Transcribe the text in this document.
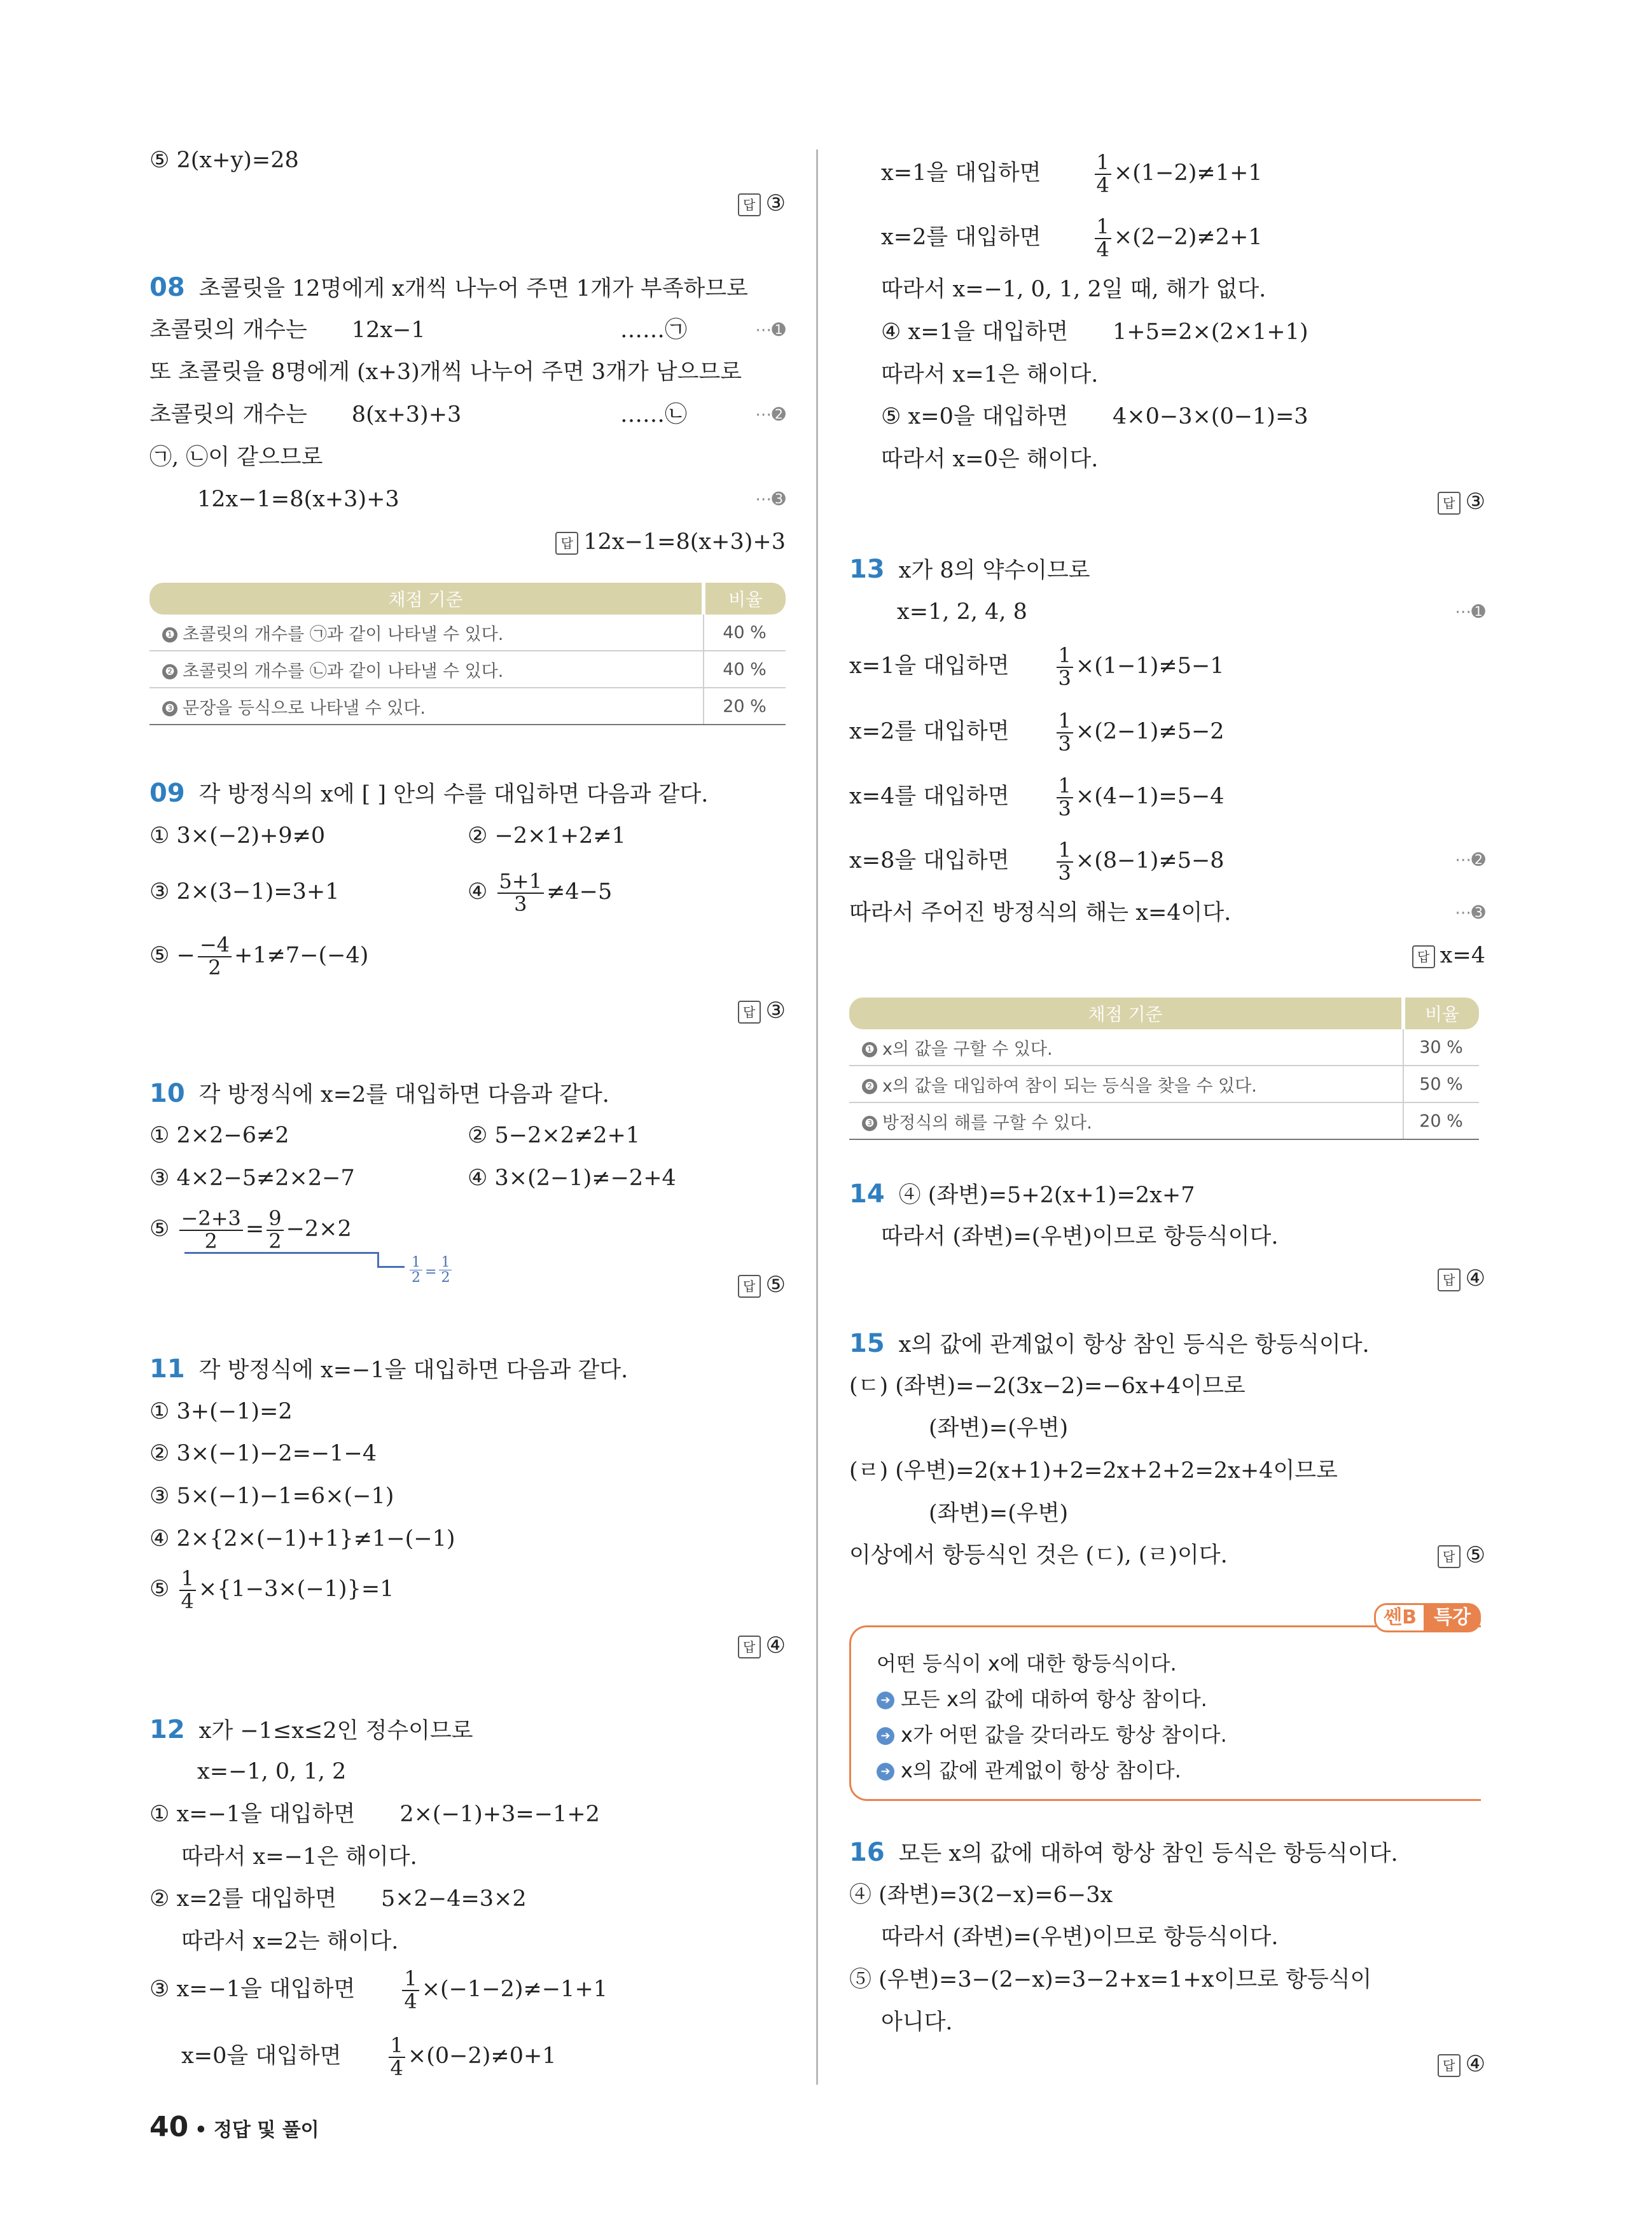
⑤ 2(x+y)=28
답 ③
08 초콜릿을 12명에게 x개씩 나누어 주면 1개가 부족하므로
초콜릿의 개수는　　12x−1	……㉠	⋯➊
또 초콜릿을 8명에게 (x+3)개씩 나누어 주면 3개가 남으므로
초콜릿의 개수는　　8(x+3)+3	……㉡	⋯➋
㉠, ㉡이 같으므로
12x−1=8(x+3)+3	⋯➌
답 12x−1=8(x+3)+3
채점 기준	비율
❶ 초콜릿의 개수를 ㉠과 같이 나타낼 수 있다.	40 %
❷ 초콜릿의 개수를 ㉡과 같이 나타낼 수 있다.	40 %
❸ 문장을 등식으로 나타낼 수 있다.	20 %
09 각 방정식의 x에 [ ] 안의 수를 대입하면 다음과 같다.
① 3×(−2)+9≠0	② −2×1+2≠1
③ 2×(3−1)=3+1	④ $\frac{5+1}{3} \ne 4-5$
⑤ − $\frac{-4}{2} +1\ne 7-(-4)$
답 ③
10 각 방정식에 x=2를 대입하면 다음과 같다.
① 2×2−6≠2	② 5−2×2≠2+1
③ 4×2−5≠2×2−7	④ 3×(2−1)≠−2+4
⑤ $\frac{-2+3}{2} = \frac{9}{2} -2\times 2$
$\frac{1}{2} = \frac{1}{2}$
답 ⑤
11 각 방정식에 x=−1을 대입하면 다음과 같다.
① 3+(−1)=2
② 3×(−1)−2=−1−4
③ 5×(−1)−1=6×(−1)
④ 2×{2×(−1)+1}≠1−(−1)
⑤ $\frac{1}{4} \times\{1-3\times(-1)\}=1$
답 ④
12 x가 −1≤x≤2인 정수이므로
x=−1, 0, 1, 2
① x=−1을 대입하면　　2×(−1)+3=−1+2
따라서 x=−1은 해이다.
② x=2를 대입하면　　5×2−4=3×2
따라서 x=2는 해이다.
③ x=−1을 대입하면 $\frac{1}{4} \times(-1-2)\ne-1+1$
x=0을 대입하면 $\frac{1}{4} \times(0-2)\ne 0+1$
x=1을 대입하면	$\frac{1}{4} \times(1-2)\ne 1+1$
x=2를 대입하면	$\frac{1}{4} \times(2-2)\ne 2+1$
따라서 x=−1, 0, 1, 2일 때, 해가 없다.
④ x=1을 대입하면　　1+5=2×(2×1+1)
따라서 x=1은 해이다.
⑤ x=0을 대입하면　　4×0−3×(0−1)=3
따라서 x=0은 해이다.
답 ③
13 x가 8의 약수이므로
x=1, 2, 4, 8	⋯➊
x=1을 대입하면 $\frac{1}{3} \times(1-1)\ne 5-1$
x=2를 대입하면 $\frac{1}{3} \times(2-1)\ne 5-2$
x=4를 대입하면 $\frac{1}{3} \times(4-1)=5-4$
x=8을 대입하면 $\frac{1}{3} \times(8-1)\ne 5-8$	⋯➋
따라서 주어진 방정식의 해는 x=4이다.	⋯➌
답 x=4
채점 기준	비율
❶ x의 값을 구할 수 있다.	30 %
❷ x의 값을 대입하여 참이 되는 등식을 찾을 수 있다.	50 %
❸ 방정식의 해를 구할 수 있다.	20 %
14 ④ (좌변)=5+2(x+1)=2x+7
따라서 (좌변)=(우변)이므로 항등식이다.
답 ④
15 x의 값에 관계없이 항상 참인 등식은 항등식이다.
(ㄷ) (좌변)=−2(3x−2)=−6x+4이므로
(좌변)=(우변)
(ㄹ) (우변)=2(x+1)+2=2x+2+2=2x+4이므로
(좌변)=(우변)
이상에서 항등식인 것은 (ㄷ), (ㄹ)이다.	답 ⑤
16 모든 x의 값에 대하여 항상 참인 등식은 항등식이다.
④ (좌변)=3(2−x)=6−3x
따라서 (좌변)=(우변)이므로 항등식이다.
⑤ (우변)=3−(2−x)=3−2+x=1+x이므로 항등식이
아니다.
답 ④
쎈B 특강
어떤 등식이 x에 대한 항등식이다.
➔ 모든 x의 값에 대하여 항상 참이다.
➔ x가 어떤 값을 갖더라도 항상 참이다.
➔ x의 값에 관계없이 항상 참이다.
40 • 정답 및 풀이
